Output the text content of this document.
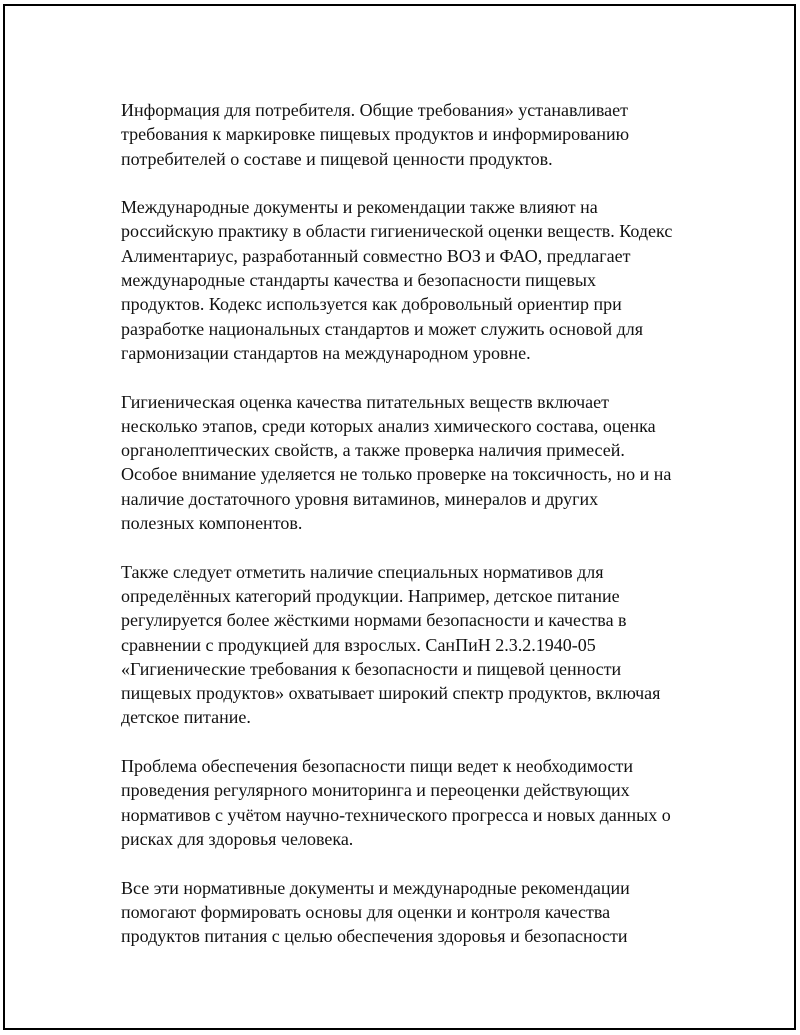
Информация для потребителя. Общие требования» устанавливает
требования к маркировке пищевых продуктов и информированию
потребителей о составе и пищевой ценности продуктов.

Международные документы и рекомендации также влияют на
российскую практику в области гигиенической оценки веществ. Кодекс
Алиментариус, разработанный совместно ВОЗ и ФАО, предлагает
международные стандарты качества и безопасности пищевых
продуктов. Кодекс используется как добровольный ориентир при
разработке национальных стандартов и может служить основой для
гармонизации стандартов на международном уровне.

Гигиеническая оценка качества питательных веществ включает
несколько этапов, среди которых анализ химического состава, оценка
органолептических свойств, а также проверка наличия примесей.
Особое внимание уделяется не только проверке на токсичность, но и на
наличие достаточного уровня витаминов, минералов и других
полезных компонентов.

Также следует отметить наличие специальных нормативов для
определённых категорий продукции. Например, детское питание
регулируется более жёсткими нормами безопасности и качества в
сравнении с продукцией для взрослых. СанПиН 2.3.2.1940-05
«Гигиенические требования к безопасности и пищевой ценности
пищевых продуктов» охватывает широкий спектр продуктов, включая
детское питание.

Проблема обеспечения безопасности пищи ведет к необходимости
проведения регулярного мониторинга и переоценки действующих
нормативов с учётом научно-технического прогресса и новых данных о
рисках для здоровья человека.

Все эти нормативные документы и международные рекомендации
помогают формировать основы для оценки и контроля качества
продуктов питания с целью обеспечения здоровья и безопасности
